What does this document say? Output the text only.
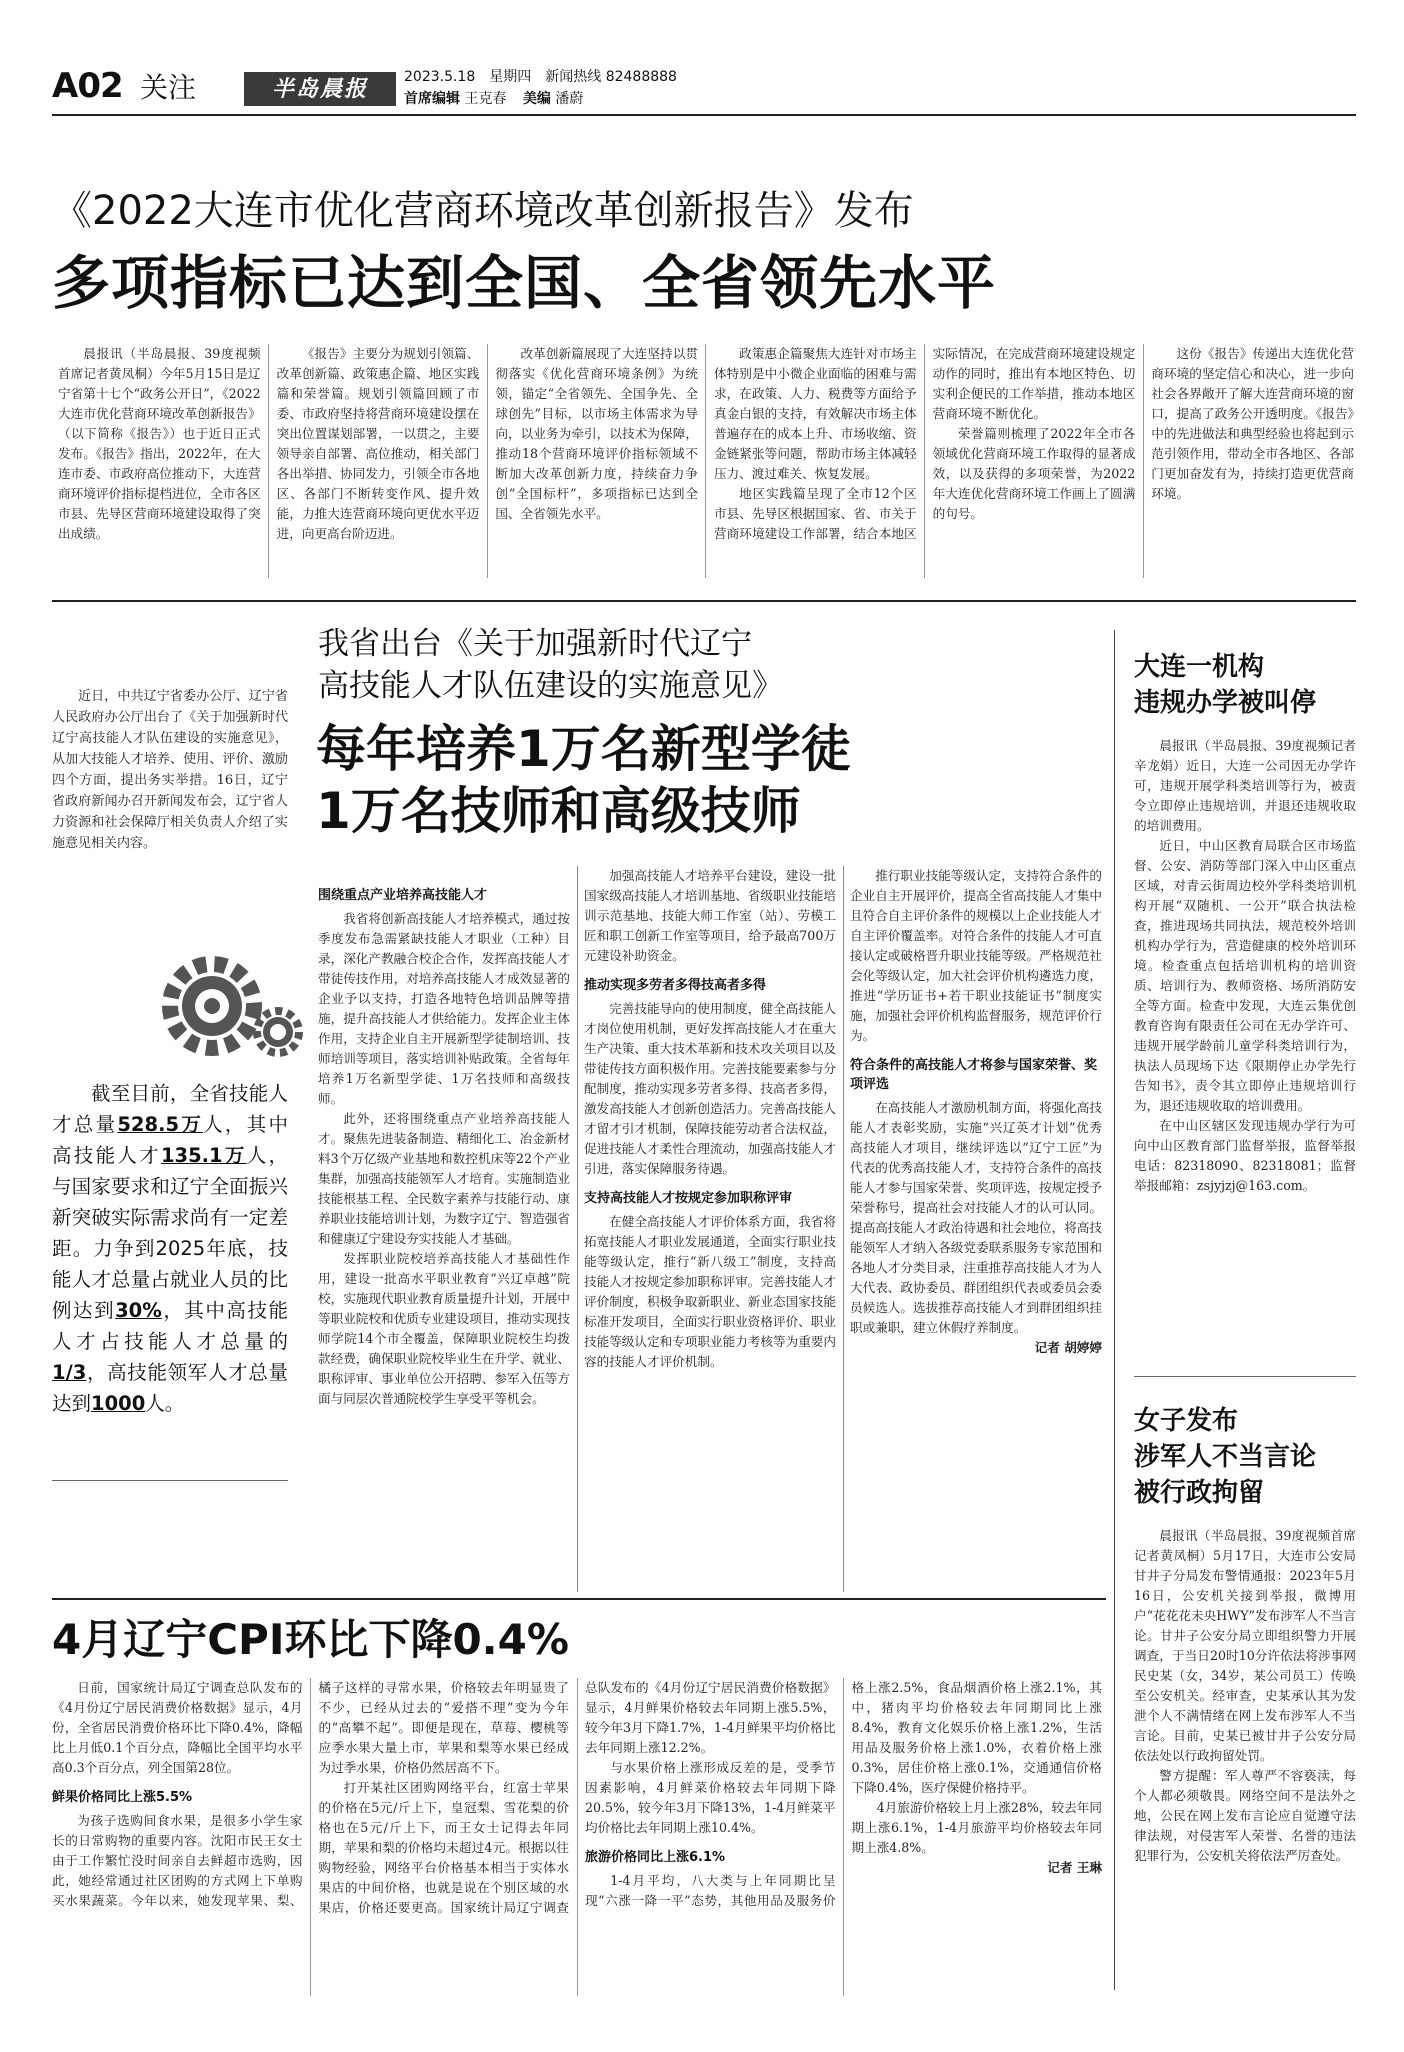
A02 关注	半岛晨报	2023.5.18　星期四　新闻热线 82488888
首席编辑 王克春 美编 潘蔚
《2022大连市优化营商环境改革创新报告》发布
多项指标已达到全国、全省领先水平

晨报讯（半岛晨报、39度视频首席记者黄凤桐）今年5月15日是辽宁省第十七个“政务公开日”，《2022大连市优化营商环境改革创新报告》（以下简称《报告》）也于近日正式发布。《报告》指出，2022年，在大连市委、市政府高位推动下，大连营商环境评价指标提档进位，全市各区市县、先导区营商环境建设取得了突出成绩。

《报告》主要分为规划引领篇、改革创新篇、政策惠企篇、地区实践篇和荣誉篇。规划引领篇回顾了市委、市政府坚持将营商环境建设摆在突出位置谋划部署，一以贯之，主要领导亲自部署、高位推动，相关部门各出举措、协同发力，引领全市各地区、各部门不断转变作风、提升效能，力推大连营商环境向更优水平迈进，向更高台阶迈进。

改革创新篇展现了大连坚持以贯彻落实《优化营商环境条例》为统领，锚定“全省领先、全国争先、全球创先”目标，以市场主体需求为导向，以业务为牵引，以技术为保障，推动18个营商环境评价指标领域不断加大改革创新力度，持续奋力争创“全国标杆”，多项指标已达到全国、全省领先水平。

政策惠企篇聚焦大连针对市场主体特别是中小微企业面临的困难与需求，在政策、人力、税费等方面给予真金白银的支持，有效解决市场主体普遍存在的成本上升、市场收缩、资金链紧张等问题，帮助市场主体减轻压力、渡过难关、恢复发展。

地区实践篇呈现了全市12个区市县、先导区根据国家、省、市关于营商环境建设工作部署，结合本地区实际情况，在完成营商环境建设规定动作的同时，推出有本地区特色、切实利企便民的工作举措，推动本地区营商环境不断优化。

荣誉篇则梳理了2022年全市各领域优化营商环境工作取得的显著成效，以及获得的多项荣誉，为2022年大连优化营商环境工作画上了圆满的句号。

这份《报告》传递出大连优化营商环境的坚定信心和决心，进一步向社会各界敞开了解大连营商环境的窗口，提高了政务公开透明度。《报告》中的先进做法和典型经验也将起到示范引领作用，带动全市各地区、各部门更加奋发有为，持续打造更优营商环境。

我省出台《关于加强新时代辽宁
高技能人才队伍建设的实施意见》
每年培养1万名新型学徒
1万名技师和高级技师

近日，中共辽宁省委办公厅、辽宁省人民政府办公厅出台了《关于加强新时代辽宁高技能人才队伍建设的实施意见》，从加大技能人才培养、使用、评价、激励四个方面，提出务实举措。16日，辽宁省政府新闻办召开新闻发布会，辽宁省人力资源和社会保障厅相关负责人介绍了实施意见相关内容。

截至目前，全省技能人才总量528.5万人，其中高技能人才135.1万人，与国家要求和辽宁全面振兴新突破实际需求尚有一定差距。力争到2025年底，技能人才总量占就业人员的比例达到30%，其中高技能人才占技能人才总量的1/3，高技能领军人才总量达到1000人。
围绕重点产业培养高技能人才

我省将创新高技能人才培养模式，通过按季度发布急需紧缺技能人才职业（工种）目录，深化产教融合校企合作，发挥高技能人才带徒传技作用，对培养高技能人才成效显著的企业予以支持，打造各地特色培训品牌等措施，提升高技能人才供给能力。发挥企业主体作用，支持企业自主开展新型学徒制培训、技师培训等项目，落实培训补贴政策。全省每年培养1万名新型学徒、1万名技师和高级技师。

此外，还将围绕重点产业培养高技能人才。聚焦先进装备制造、精细化工、冶金新材料3个万亿级产业基地和数控机床等22个产业集群，加强高技能领军人才培育。实施制造业技能根基工程、全民数字素养与技能行动、康养职业技能培训计划，为数字辽宁、智造强省和健康辽宁建设夯实技能人才基础。

发挥职业院校培养高技能人才基础性作用，建设一批高水平职业教育“兴辽卓越”院校，实施现代职业教育质量提升计划，开展中等职业院校和优质专业建设项目，推动实现技师学院14个市全覆盖，保障职业院校生均拨款经费，确保职业院校毕业生在升学、就业、职称评审、事业单位公开招聘、参军入伍等方面与同层次普通院校学生享受平等机会。

加强高技能人才培养平台建设，建设一批国家级高技能人才培训基地、省级职业技能培训示范基地、技能大师工作室（站）、劳模工匠和职工创新工作室等项目，给予最高700万元建设补助资金。

推动实现多劳者多得技高者多得

完善技能导向的使用制度，健全高技能人才岗位使用机制，更好发挥高技能人才在重大生产决策、重大技术革新和技术攻关项目以及带徒传技方面积极作用。完善技能要素参与分配制度，推动实现多劳者多得、技高者多得，激发高技能人才创新创造活力。完善高技能人才留才引才机制，保障技能劳动者合法权益，促进技能人才柔性合理流动，加强高技能人才引进，落实保障服务待遇。

支持高技能人才按规定参加职称评审

在健全高技能人才评价体系方面，我省将拓宽技能人才职业发展通道，全面实行职业技能等级认定，推行“新八级工”制度，支持高技能人才按规定参加职称评审。完善技能人才评价制度，积极争取新职业、新业态国家技能标准开发项目，全面实行职业资格评价、职业技能等级认定和专项职业能力考核等为重要内容的技能人才评价机制。

推行职业技能等级认定，支持符合条件的企业自主开展评价，提高全省高技能人才集中且符合自主评价条件的规模以上企业技能人才自主评价覆盖率。对符合条件的技能人才可直接认定或破格晋升职业技能等级。严格规范社会化等级认定，加大社会评价机构遴选力度，推进“学历证书+若干职业技能证书”制度实施，加强社会评价机构监督服务，规范评价行为。

符合条件的高技能人才将参与国家荣誉、奖项评选

在高技能人才激励机制方面，将强化高技能人才表彰奖励，实施“兴辽英才计划”优秀高技能人才项目，继续评选以“辽宁工匠”为代表的优秀高技能人才，支持符合条件的高技能人才参与国家荣誉、奖项评选，按规定授予荣誉称号，提高社会对技能人才的认可认同。提高高技能人才政治待遇和社会地位，将高技能领军人才纳入各级党委联系服务专家范围和各地人才分类目录，注重推荐高技能人才为人大代表、政协委员、群团组织代表或委员会委员候选人。选拔推荐高技能人才到群团组织挂职或兼职，建立休假疗养制度。

记者 胡婷婷
大连一机构
违规办学被叫停

晨报讯（半岛晨报、39度视频记者辛龙娟）近日，大连一公司因无办学许可，违规开展学科类培训等行为，被责令立即停止违规培训，并退还违规收取的培训费用。

近日，中山区教育局联合区市场监督、公安、消防等部门深入中山区重点区域，对青云街周边校外学科类培训机构开展“双随机、一公开”联合执法检查，推进现场共同执法，规范校外培训机构办学行为，营造健康的校外培训环境。检查重点包括培训机构的培训资质、培训行为、教师资格、场所消防安全等方面。检查中发现，大连云集优创教育咨询有限责任公司在无办学许可、违规开展学龄前儿童学科类培训行为，执法人员现场下达《限期停止办学先行告知书》，责令其立即停止违规培训行为，退还违规收取的培训费用。

在中山区辖区发现违规办学行为可向中山区教育部门监督举报，监督举报电话：82318090、82318081；监督举报邮箱：zsjyjzj@163.com。

女子发布
涉军人不当言论
被行政拘留

晨报讯（半岛晨报、39度视频首席记者黄凤桐）5月17日，大连市公安局甘井子分局发布警情通报：2023年5月16日，公安机关接到举报，微博用户“花花花未央HWY”发布涉军人不当言论。甘井子公安分局立即组织警力开展调查，于当日20时10分许依法将涉事网民史某（女，34岁，某公司员工）传唤至公安机关。经审查，史某承认其为发泄个人不满情绪在网上发布涉军人不当言论。目前，史某已被甘井子公安分局依法处以行政拘留处罚。

警方提醒：军人尊严不容亵渎，每个人都必须敬畏。网络空间不是法外之地，公民在网上发布言论应自觉遵守法律法规，对侵害军人荣誉、名誉的违法犯罪行为，公安机关将依法严厉查处。

4月辽宁CPI环比下降0.4%

日前，国家统计局辽宁调查总队发布的《4月份辽宁居民消费价格数据》显示，4月份，全省居民消费价格环比下降0.4%，降幅比上月低0.1个百分点，降幅比全国平均水平高0.3个百分点，列全国第28位。

鲜果价格同比上涨5.5%

为孩子选购间食水果，是很多小学生家长的日常购物的重要内容。沈阳市民王女士由于工作繁忙没时间亲自去鲜超市选购，因此，她经常通过社区团购的方式网上下单购买水果蔬菜。今年以来，她发现苹果、梨、橘子这样的寻常水果，价格较去年明显贵了不少，已经从过去的“爱搭不理”变为今年的“高攀不起”。即便是现在，草莓、樱桃等应季水果大量上市，苹果和梨等水果已经成为过季水果，价格仍然居高不下。

打开某社区团购网络平台，红富士苹果的价格在5元/斤上下，皇冠梨、雪花梨的价格也在5元/斤上下，而王女士记得去年同期，苹果和梨的价格均未超过4元。根据以往购物经验，网络平台价格基本相当于实体水果店的中间价格，也就是说在个别区域的水果店，价格还要更高。国家统计局辽宁调查总队发布的《4月份辽宁居民消费价格数据》显示，4月鲜果价格较去年同期上涨5.5%，较今年3月下降1.7%，1-4月鲜果平均价格比去年同期上涨12.2%。

与水果价格上涨形成反差的是，受季节因素影响，4月鲜菜价格较去年同期下降20.5%，较今年3月下降13%，1-4月鲜菜平均价格比去年同期上涨10.4%。

旅游价格同比上涨6.1%

1-4月平均，八大类与上年同期比呈现“六涨一降一平”态势，其他用品及服务价格上涨2.5%，食品烟酒价格上涨2.1%，其中，猪肉平均价格较去年同期同比上涨8.4%，教育文化娱乐价格上涨1.2%，生活用品及服务价格上涨1.0%，衣着价格上涨0.3%，居住价格上涨0.1%，交通通信价格下降0.4%，医疗保健价格持平。

4月旅游价格较上月上涨28%，较去年同期上涨6.1%，1-4月旅游平均价格较去年同期上涨4.8%。

记者 王琳
